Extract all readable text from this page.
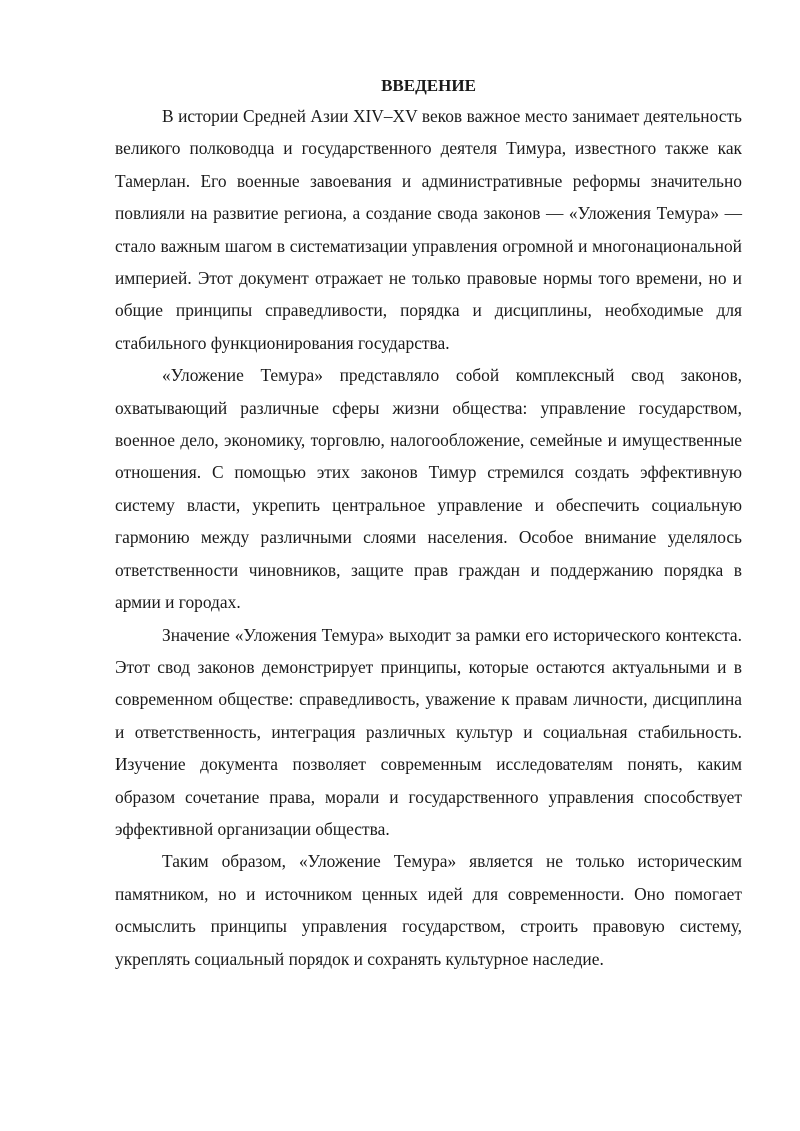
ВВЕДЕНИЕ

В истории Средней Азии XIV–XV веков важное место занимает деятельность великого полководца и государственного деятеля Тимура, известного также как Тамерлан. Его военные завоевания и административные реформы значительно повлияли на развитие региона, а создание свода законов — «Уложения Темура» — стало важным шагом в систематизации управления огромной и многонациональной империей. Этот документ отражает не только правовые нормы того времени, но и общие принципы справедливости, порядка и дисциплины, необходимые для стабильного функционирования государства.

«Уложение Темура» представляло собой комплексный свод законов, охватывающий различные сферы жизни общества: управление государством, военное дело, экономику, торговлю, налогообложение, семейные и имущественные отношения. С помощью этих законов Тимур стремился создать эффективную систему власти, укрепить центральное управление и обеспечить социальную гармонию между различными слоями населения. Особое внимание уделялось ответственности чиновников, защите прав граждан и поддержанию порядка в армии и городах.

Значение «Уложения Темура» выходит за рамки его исторического контекста. Этот свод законов демонстрирует принципы, которые остаются актуальными и в современном обществе: справедливость, уважение к правам личности, дисциплина и ответственность, интеграция различных культур и социальная стабильность. Изучение документа позволяет современным исследователям понять, каким образом сочетание права, морали и государственного управления способствует эффективной организации общества.

Таким образом, «Уложение Темура» является не только историческим памятником, но и источником ценных идей для современности. Оно помогает осмыслить принципы управления государством, строить правовую систему, укреплять социальный порядок и сохранять культурное наследие.
